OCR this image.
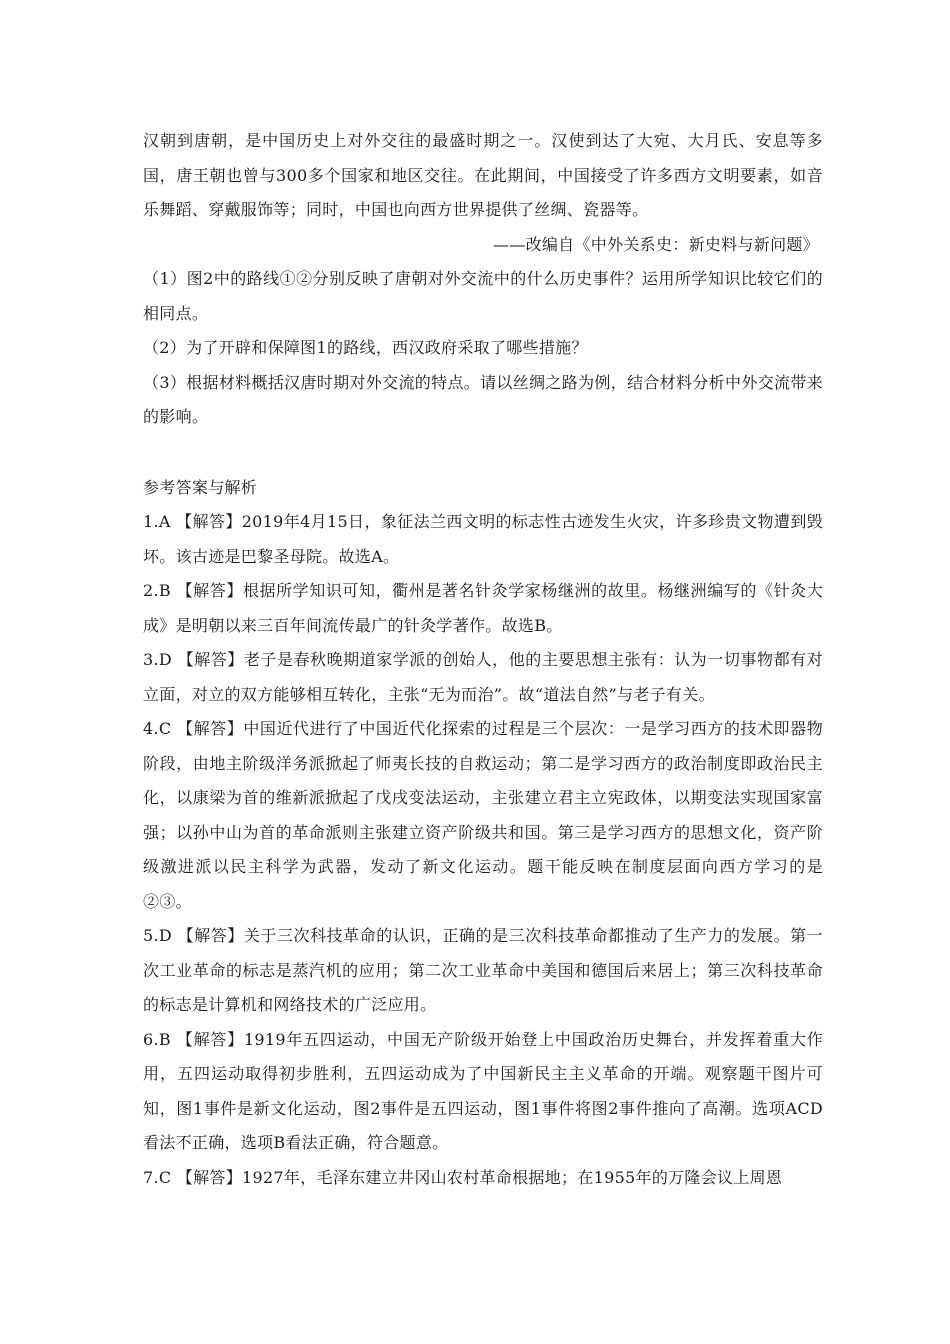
汉朝到唐朝，是中国历史上对外交往的最盛时期之一。汉使到达了大宛、大月氏、安息等多国，唐王朝也曾与300多个国家和地区交往。在此期间，中国接受了许多西方文明要素，如音乐舞蹈、穿戴服饰等；同时，中国也向西方世界提供了丝绸、瓷器等。

——改编自《中外关系史：新史料与新问题》

（1）图2中的路线①②分别反映了唐朝对外交流中的什么历史事件？运用所学知识比较它们的相同点。

（2）为了开辟和保障图1的路线，西汉政府采取了哪些措施？

（3）根据材料概括汉唐时期对外交流的特点。请以丝绸之路为例，结合材料分析中外交流带来的影响。

参考答案与解析

1.A 【解答】2019年4月15日，象征法兰西文明的标志性古迹发生火灾，许多珍贵文物遭到毁坏。该古迹是巴黎圣母院。故选A。

2.B 【解答】根据所学知识可知，衢州是著名针灸学家杨继洲的故里。杨继洲编写的《针灸大成》是明朝以来三百年间流传最广的针灸学著作。故选B。

3.D 【解答】老子是春秋晚期道家学派的创始人，他的主要思想主张有：认为一切事物都有对立面，对立的双方能够相互转化，主张“无为而治”。故“道法自然”与老子有关。

4.C 【解答】中国近代进行了中国近代化探索的过程是三个层次：一是学习西方的技术即器物阶段，由地主阶级洋务派掀起了师夷长技的自救运动；第二是学习西方的政治制度即政治民主化，以康梁为首的维新派掀起了戊戌变法运动，主张建立君主立宪政体，以期变法实现国家富强；以孙中山为首的革命派则主张建立资产阶级共和国。第三是学习西方的思想文化，资产阶级激进派以民主科学为武器，发动了新文化运动。题干能反映在制度层面向西方学习的是②③。

5.D 【解答】关于三次科技革命的认识，正确的是三次科技革命都推动了生产力的发展。第一次工业革命的标志是蒸汽机的应用；第二次工业革命中美国和德国后来居上；第三次科技革命的标志是计算机和网络技术的广泛应用。

6.B 【解答】1919年五四运动，中国无产阶级开始登上中国政治历史舞台，并发挥着重大作用，五四运动取得初步胜利，五四运动成为了中国新民主主义革命的开端。观察题干图片可知，图1事件是新文化运动，图2事件是五四运动，图1事件将图2事件推向了高潮。选项ACD看法不正确，选项B看法正确，符合题意。

7.C 【解答】1927年，毛泽东建立井冈山农村革命根据地；在1955年的万隆会议上周恩
